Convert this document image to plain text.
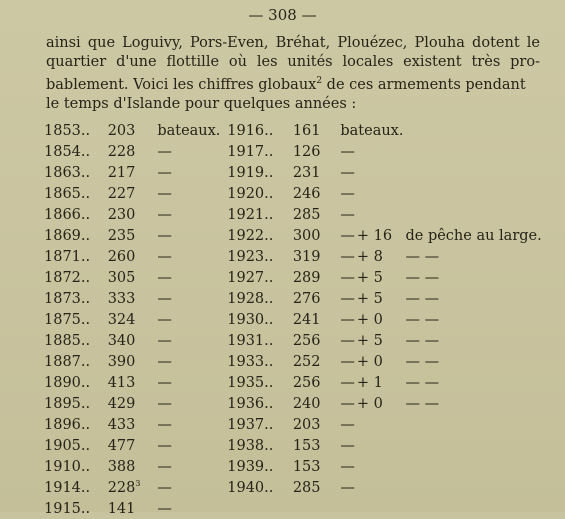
— 308 —

ainsi que Loguivy, Pors-Even, Bréhat, Plouézec, Plouha dotent le
quartier d'une flottille où les unités locales existent très pro-
bablement. Voici les chiffres globaux$^2$ de ces armements pendant
le temps d'Islande pour quelques années :

1853..	203	bateaux.	1916..	161	bateaux.	
1854..	228	—	1917..	126	—	
1863..	217	—	1919..	231	—	
1865..	227	—	1920..	246	—	
1866..	230	—	1921..	285	—	
1869..	235	—	1922..	300	— + 16	de pêche au large.
1871..	260	—	1923..	319	— + 8	— —
1872..	305	—	1927..	289	— + 5	— —
1873..	333	—	1928..	276	— + 5	— —
1875..	324	—	1930..	241	— + 0	— —
1885..	340	—	1931..	256	— + 5	— —
1887..	390	—	1933..	252	— + 0	— —
1890..	413	—	1935..	256	— + 1	— —
1895..	429	—	1936..	240	— + 0	— —
1896..	433	—	1937..	203	—	
1905..	477	—	1938..	153	—	
1910..	388	—	1939..	153	—	
1914..	$228^3$	—	1940..	285	—	
1915..	141	—				
